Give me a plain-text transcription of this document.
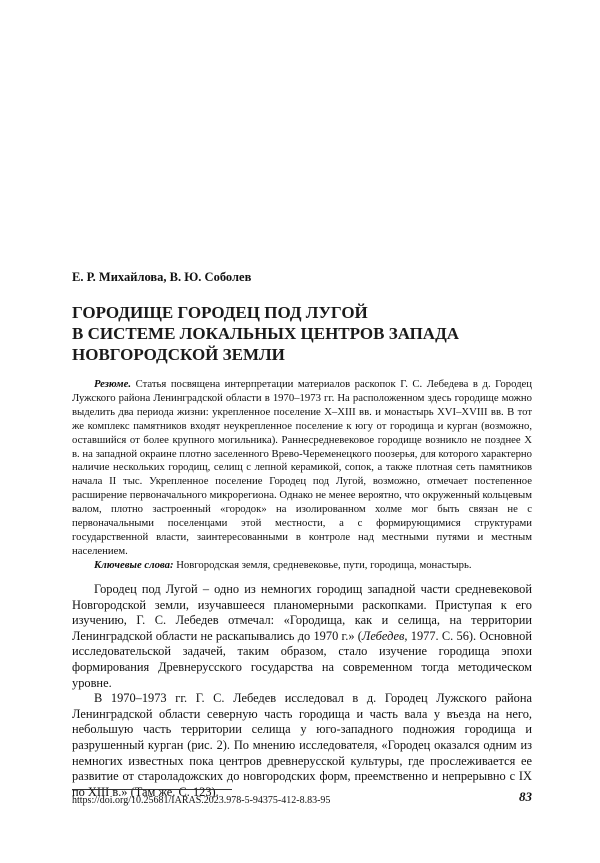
Е. Р. Михайлова, В. Ю. Соболев
ГОРОДИЩЕ ГОРОДЕЦ ПОД ЛУГОЙ
В СИСТЕМЕ ЛОКАЛЬНЫХ ЦЕНТРОВ ЗАПАДА
НОВГОРОДСКОЙ ЗЕМЛИ

Резюме. Статья посвящена интерпретации материалов раскопок Г. С. Лебедева в д. Городец Лужского района Ленинградской области в 1970–1973 гг. На расположенном здесь городище можно выделить два периода жизни: укрепленное поселение X–XIII вв. и монастырь XVI–XVIII вв. В тот же комплекс памятников входят неукрепленное поселение к югу от городища и курган (возможно, оставшийся от более крупного могильника). Раннесредневековое городище возникло не позднее X в. на западной окраине плотно заселенного Врево-Череменецкого поозерья, для которого характерно наличие нескольких городищ, селищ с лепной керамикой, сопок, а также плотная сеть памятников начала II тыс. Укрепленное поселение Городец под Лугой, возможно, отмечает постепенное расширение первоначального микрорегиона. Однако не менее вероятно, что окруженный кольцевым валом, плотно застроенный «городок» на изолированном холме мог быть связан не с первоначальными поселенцами этой местности, а с формирующимися структурами государственной власти, заинтересованными в контроле над местными путями и местным населением.

Ключевые слова: Новгородская земля, средневековье, пути, городища, монастырь.

Городец под Лугой – одно из немногих городищ западной части средневековой Новгородской земли, изучавшееся планомерными раскопками. Приступая к его изучению, Г. С. Лебедев отмечал: «Городища, как и селища, на территории Ленинградской области не раскапывались до 1970 г.» (Лебедев, 1977. С. 56). Основной исследовательской задачей, таким образом, стало изучение городища эпохи формирования Древнерусского государства на современном тогда методическом уровне.

В 1970–1973 гг. Г. С. Лебедев исследовал в д. Городец Лужского района Ленинградской области северную часть городища и часть вала у въезда на него, небольшую часть территории селища у юго-западного подножия городища и разрушенный курган (рис. 2). По мнению исследователя, «Городец оказался одним из немногих известных пока центров древнерусской культуры, где прослеживается ее развитие от староладожских до новгородских форм, преемственно и непрерывно с IX по XIII в.» (Там же. С. 123).

https://doi.org/10.25681/IARAS.2023.978-5-94375-412-8.83-95	83
